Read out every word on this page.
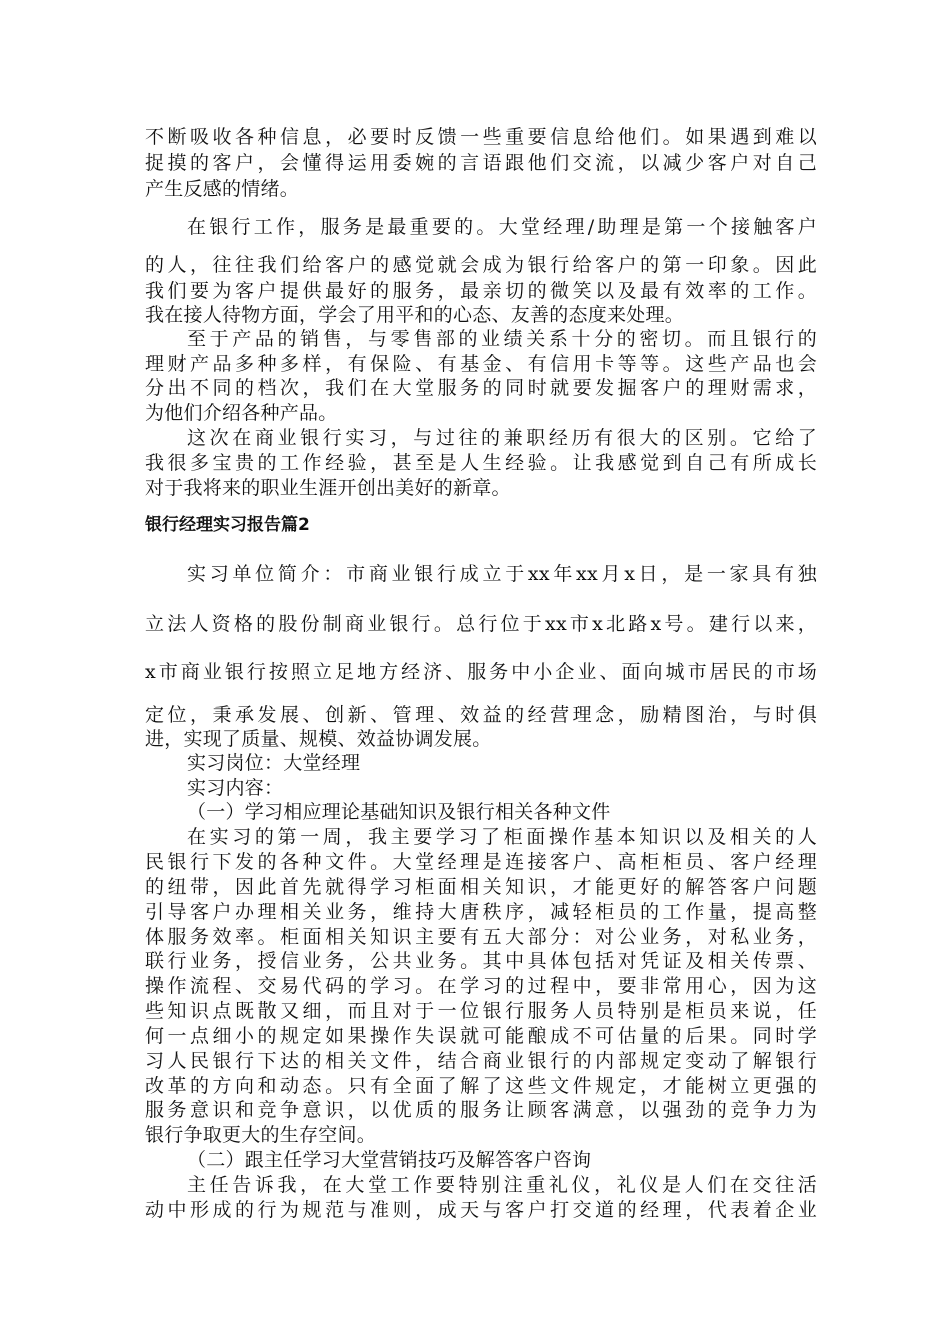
不断吸收各种信息，必要时反馈一些重要信息给他们。如果遇到难以
捉摸的客户，会懂得运用委婉的言语跟他们交流，以减少客户对自己
产生反感的情绪。
在银行工作，服务是最重要的。大堂经理/助理是第一个接触客户
的人，往往我们给客户的感觉就会成为银行给客户的第一印象。因此
我们要为客户提供最好的服务，最亲切的微笑以及最有效率的工作。
我在接人待物方面，学会了用平和的心态、友善的态度来处理。
至于产品的销售，与零售部的业绩关系十分的密切。而且银行的
理财产品多种多样，有保险、有基金、有信用卡等等。这些产品也会
分出不同的档次，我们在大堂服务的同时就要发掘客户的理财需求，
为他们介绍各种产品。
这次在商业银行实习，与过往的兼职经历有很大的区别。它给了
我很多宝贵的工作经验，甚至是人生经验。让我感觉到自己有所成长
对于我将来的职业生涯开创出美好的新章。
银行经理实习报告篇2
实习单位简介：市商业银行成立于xx年xx月x日，是一家具有独
立法人资格的股份制商业银行。总行位于xx市x北路x号。建行以来，
x市商业银行按照立足地方经济、服务中小企业、面向城市居民的市场
定位，秉承发展、创新、管理、效益的经营理念，励精图治，与时俱
进，实现了质量、规模、效益协调发展。
实习岗位：大堂经理
实习内容：
（一）学习相应理论基础知识及银行相关各种文件
在实习的第一周，我主要学习了柜面操作基本知识以及相关的人
民银行下发的各种文件。大堂经理是连接客户、高柜柜员、客户经理
的纽带，因此首先就得学习柜面相关知识，才能更好的解答客户问题
引导客户办理相关业务，维持大唐秩序，减轻柜员的工作量，提高整
体服务效率。柜面相关知识主要有五大部分：对公业务，对私业务，
联行业务，授信业务，公共业务。其中具体包括对凭证及相关传票、
操作流程、交易代码的学习。在学习的过程中，要非常用心，因为这
些知识点既散又细，而且对于一位银行服务人员特别是柜员来说，任
何一点细小的规定如果操作失误就可能酿成不可估量的后果。同时学
习人民银行下达的相关文件，结合商业银行的内部规定变动了解银行
改革的方向和动态。只有全面了解了这些文件规定，才能树立更强的
服务意识和竞争意识，以优质的服务让顾客满意，以强劲的竞争力为
银行争取更大的生存空间。
（二）跟主任学习大堂营销技巧及解答客户咨询
主任告诉我，在大堂工作要特别注重礼仪，礼仪是人们在交往活
动中形成的行为规范与准则，成天与客户打交道的经理，代表着企业
